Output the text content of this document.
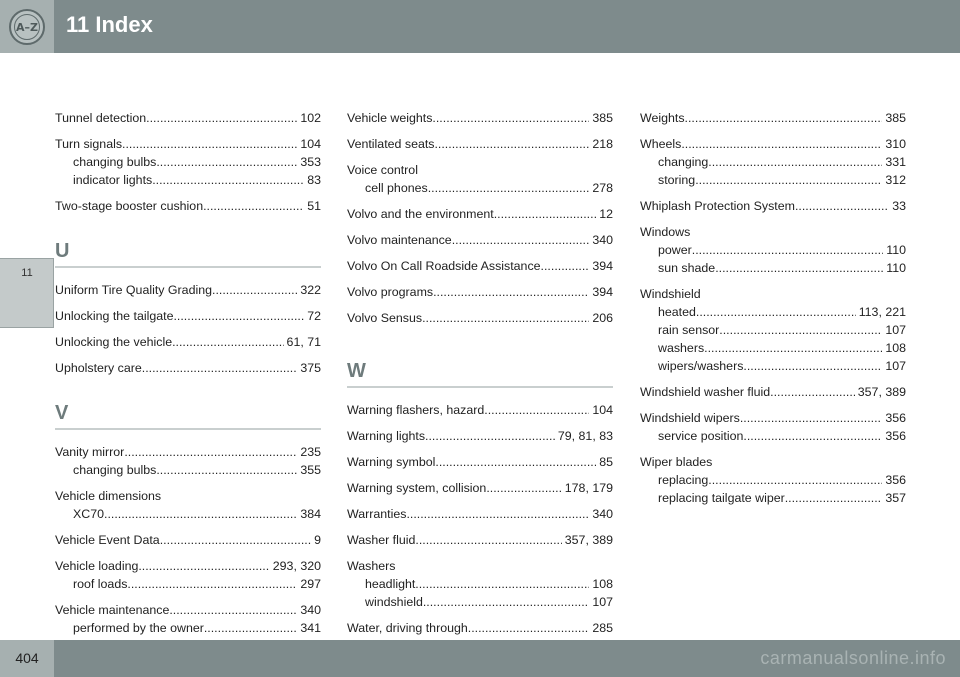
A–Z 11 Index
11
Tunnel detection .....	102
Turn signals .....	104
changing bulbs .....	353
indicator lights .....	83
Two-stage booster cushion .....	51
U
Uniform Tire Quality Grading .....	322
Unlocking the tailgate .....	72
Unlocking the vehicle .....	61, 71
Upholstery care .....	375
V
Vanity mirror .....	235
changing bulbs .....	355
Vehicle dimensions
XC70 .....	384
Vehicle Event Data .....	9
Vehicle loading .....	293, 320
roof loads .....	297
Vehicle maintenance .....	340
performed by the owner .....	341
Vehicle weights .....	385
Ventilated seats .....	218
Voice control
cell phones .....	278
Volvo and the environment .....	12
Volvo maintenance .....	340
Volvo On Call Roadside Assistance .....	394
Volvo programs .....	394
Volvo Sensus .....	206
W
Warning flashers, hazard .....	104
Warning lights .....	79, 81, 83
Warning symbol .....	85
Warning system, collision .....	178, 179
Warranties .....	340
Washer fluid .....	357, 389
Washers
headlight .....	108
windshield .....	107
Water, driving through .....	285
.....
Weights .....	385
Wheels .....	310
changing .....	331
storing .....	312
Whiplash Protection System .....	33
Windows
power .....	110
sun shade .....	110
Windshield
heated .....	113, 221
rain sensor .....	107
washers .....	108
wipers/washers .....	107
Windshield washer fluid .....	357, 389
Windshield wipers .....	356
service position .....	356
Wiper blades
replacing .....	356
replacing tailgate wiper .....	357
404	carmanualsonline.info
